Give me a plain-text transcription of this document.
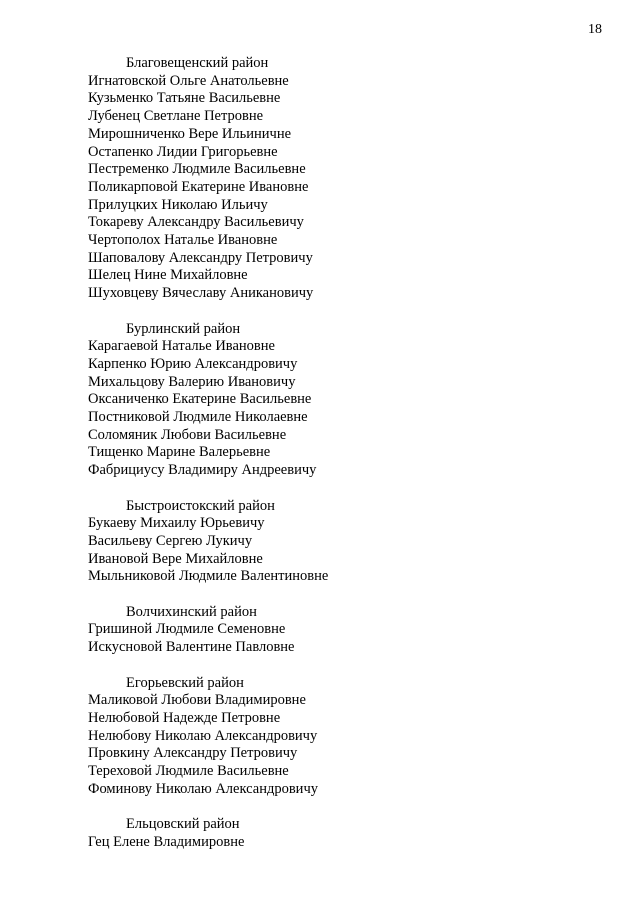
18
Благовещенский район
Игнатовской Ольге Анатольевне
Кузьменко Татьяне Васильевне
Лубенец Светлане Петровне
Мирошниченко Вере Ильиничне
Остапенко Лидии Григорьевне
Пестременко Людмиле Васильевне
Поликарповой Екатерине Ивановне
Прилуцких Николаю Ильичу
Токареву Александру Васильевичу
Чертополох Наталье Ивановне
Шаповалову Александру Петровичу
Шелец Нине Михайловне
Шуховцеву Вячеславу Аникановичу
Бурлинский район
Карагаевой Наталье Ивановне
Карпенко Юрию Александровичу
Михальцову Валерию Ивановичу
Оксаниченко Екатерине Васильевне
Постниковой Людмиле Николаевне
Соломяник Любови Васильевне
Тищенко Марине Валерьевне
Фабрициусу Владимиру Андреевичу
Быстроистокский район
Букаеву Михаилу Юрьевичу
Васильеву Сергею Лукичу
Ивановой Вере Михайловне
Мыльниковой Людмиле Валентиновне
Волчихинский район
Гришиной Людмиле Семеновне
Искусновой Валентине Павловне
Егорьевский район
Маликовой Любови Владимировне
Нелюбовой Надежде Петровне
Нелюбову Николаю Александровичу
Провкину Александру Петровичу
Тереховой Людмиле Васильевне
Фоминову Николаю Александровичу
Ельцовский район
Гец Елене Владимировне
